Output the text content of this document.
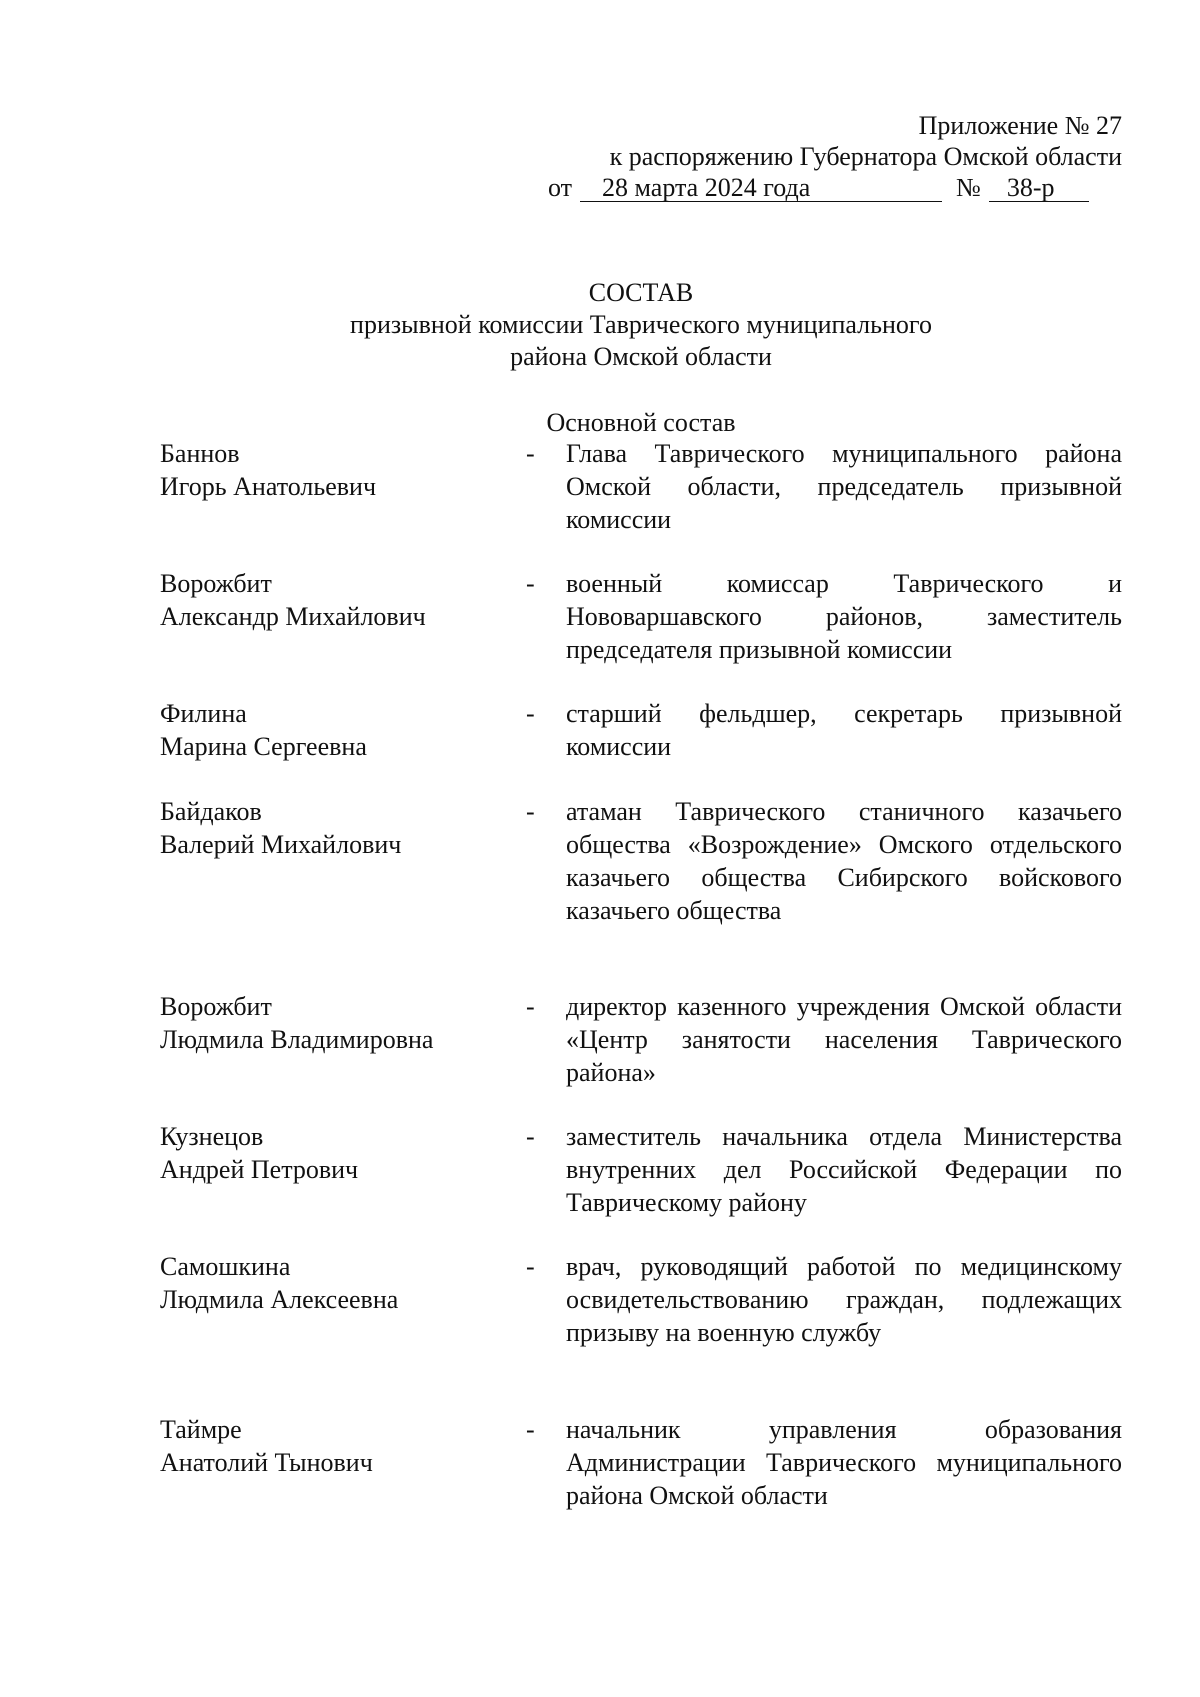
Приложение № 27
к распоряжению Губернатора Омской области
от 28 марта 2024 года	№ 38-р
СОСТАВ
призывной комиссии Таврического муниципального
района Омской области
Основной состав
Баннов
Игорь Анатольевич
- Глава Таврического муниципального района Омской области, председатель призывной комиссии
Ворожбит
Александр Михайлович
- военный комиссар Таврического и Нововаршавского районов, заместитель председателя призывной комиссии
Филина
Марина Сергеевна
- старший фельдшер, секретарь призывной комиссии
Байдаков
Валерий Михайлович
- атаман Таврического станичного казачьего общества «Возрождение» Омского отдельского казачьего общества Сибирского войскового казачьего общества
Ворожбит
Людмила Владимировна
- директор казенного учреждения Омской области «Центр занятости населения Таврического района»
Кузнецов
Андрей Петрович
- заместитель начальника отдела Министерства внутренних дел Российской Федерации по Таврическому району
Самошкина
Людмила Алексеевна
- врач, руководящий работой по медицинскому освидетельствованию граждан, подлежащих призыву на военную службу
Таймре
Анатолий Тынович
- начальник управления образования Администрации Таврического муниципального района Омской области
